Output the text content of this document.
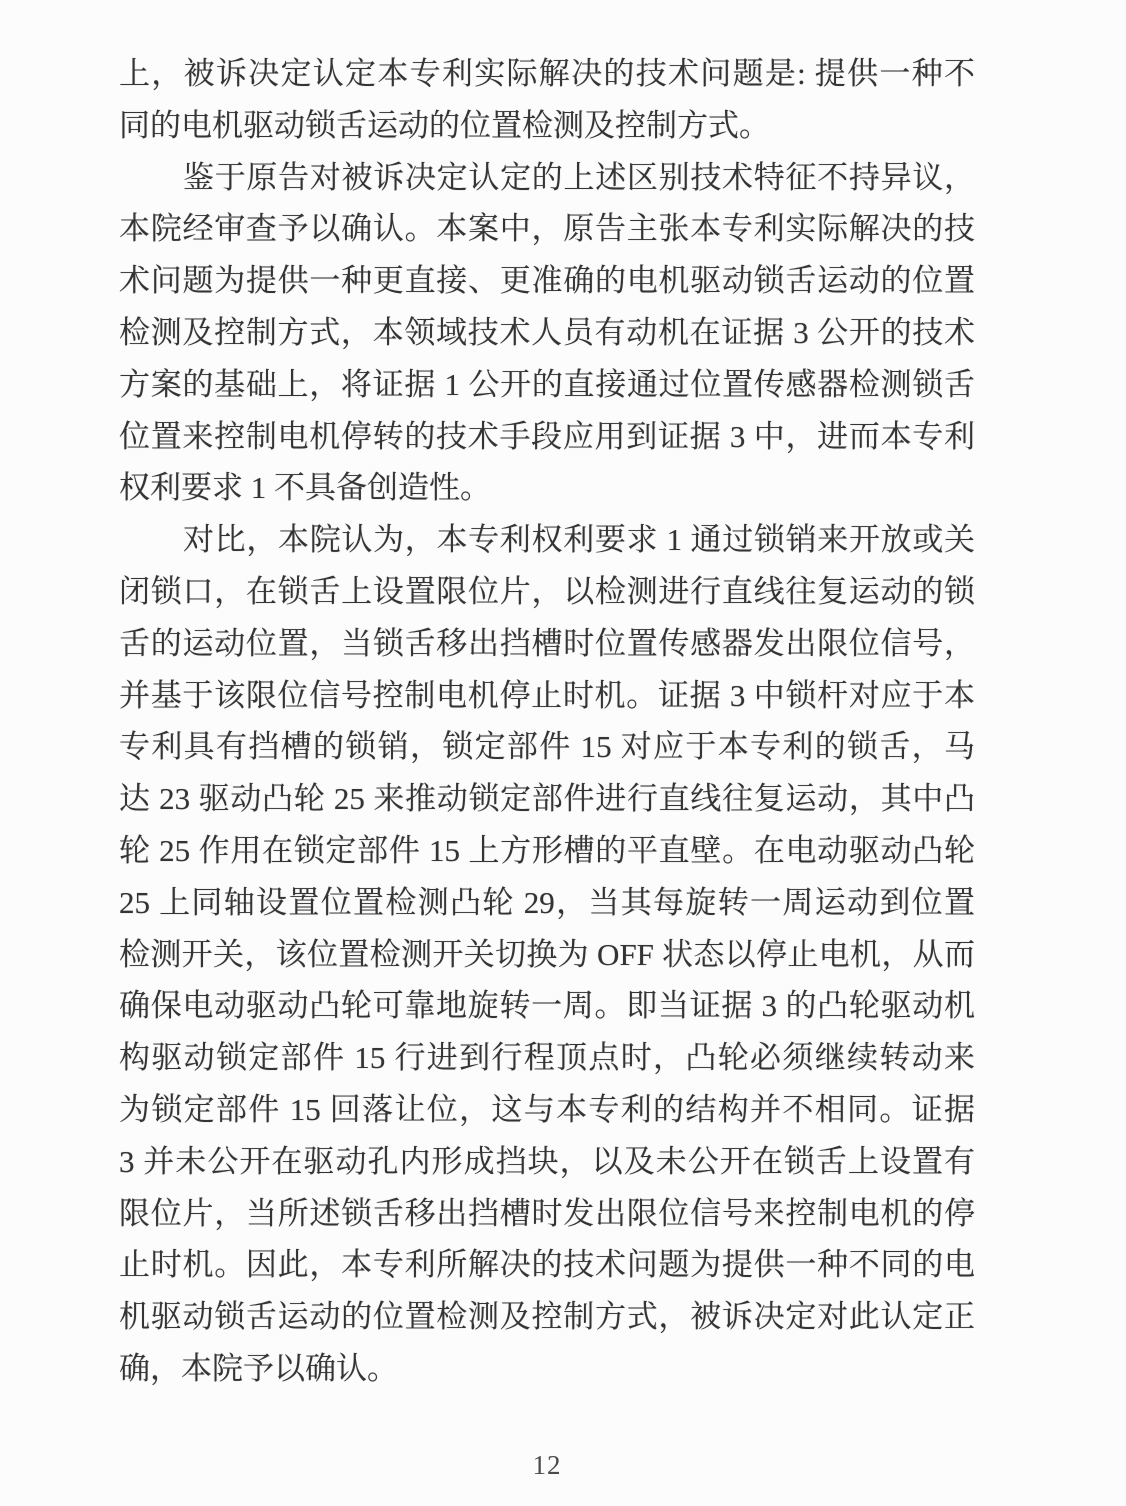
上，被诉决定认定本专利实际解决的技术问题是: 提供一种不
同的电机驱动锁舌运动的位置检测及控制方式。
鉴于原告对被诉决定认定的上述区别技术特征不持异议，
本院经审查予以确认。本案中，原告主张本专利实际解决的技
术问题为提供一种更直接、更准确的电机驱动锁舌运动的位置
检测及控制方式，本领域技术人员有动机在证据 3 公开的技术
方案的基础上，将证据 1 公开的直接通过位置传感器检测锁舌
位置来控制电机停转的技术手段应用到证据 3 中，进而本专利
权利要求 1 不具备创造性。
对比，本院认为，本专利权利要求 1 通过锁销来开放或关
闭锁口，在锁舌上设置限位片，以检测进行直线往复运动的锁
舌的运动位置，当锁舌移出挡槽时位置传感器发出限位信号，
并基于该限位信号控制电机停止时机。证据 3 中锁杆对应于本
专利具有挡槽的锁销，锁定部件 15 对应于本专利的锁舌，马
达 23 驱动凸轮 25 来推动锁定部件进行直线往复运动，其中凸
轮 25 作用在锁定部件 15 上方形槽的平直壁。在电动驱动凸轮
25 上同轴设置位置检测凸轮 29，当其每旋转一周运动到位置
检测开关，该位置检测开关切换为 OFF 状态以停止电机，从而
确保电动驱动凸轮可靠地旋转一周。即当证据 3 的凸轮驱动机
构驱动锁定部件 15 行进到行程顶点时，凸轮必须继续转动来
为锁定部件 15 回落让位，这与本专利的结构并不相同。证据
3 并未公开在驱动孔内形成挡块，以及未公开在锁舌上设置有
限位片，当所述锁舌移出挡槽时发出限位信号来控制电机的停
止时机。因此，本专利所解决的技术问题为提供一种不同的电
机驱动锁舌运动的位置检测及控制方式，被诉决定对此认定正
确，本院予以确认。
12
